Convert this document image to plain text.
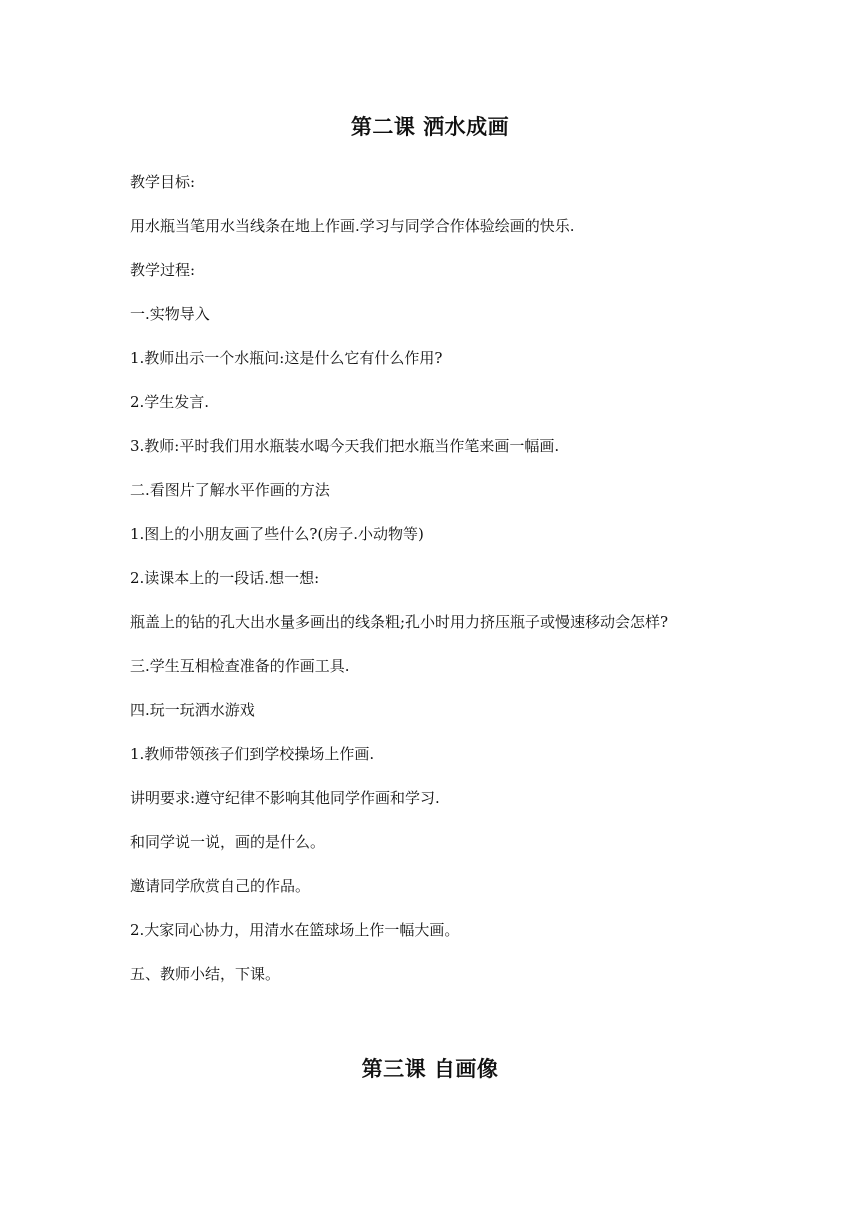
第二课 洒水成画

教学目标:

用水瓶当笔用水当线条在地上作画.学习与同学合作体验绘画的快乐.

教学过程:

一.实物导入

1.教师出示一个水瓶问:这是什么它有什么作用?

2.学生发言.

3.教师:平时我们用水瓶装水喝今天我们把水瓶当作笔来画一幅画.

二.看图片了解水平作画的方法

1.图上的小朋友画了些什么?(房子.小动物等)

2.读课本上的一段话.想一想:

瓶盖上的钻的孔大出水量多画出的线条粗;孔小时用力挤压瓶子或慢速移动会怎样?

三.学生互相检查准备的作画工具.

四.玩一玩洒水游戏

1.教师带领孩子们到学校操场上作画.

讲明要求:遵守纪律不影响其他同学作画和学习.

和同学说一说，画的是什么。

邀请同学欣赏自己的作品。

2.大家同心协力，用清水在篮球场上作一幅大画。

五、教师小结，下课。

第三课 自画像
